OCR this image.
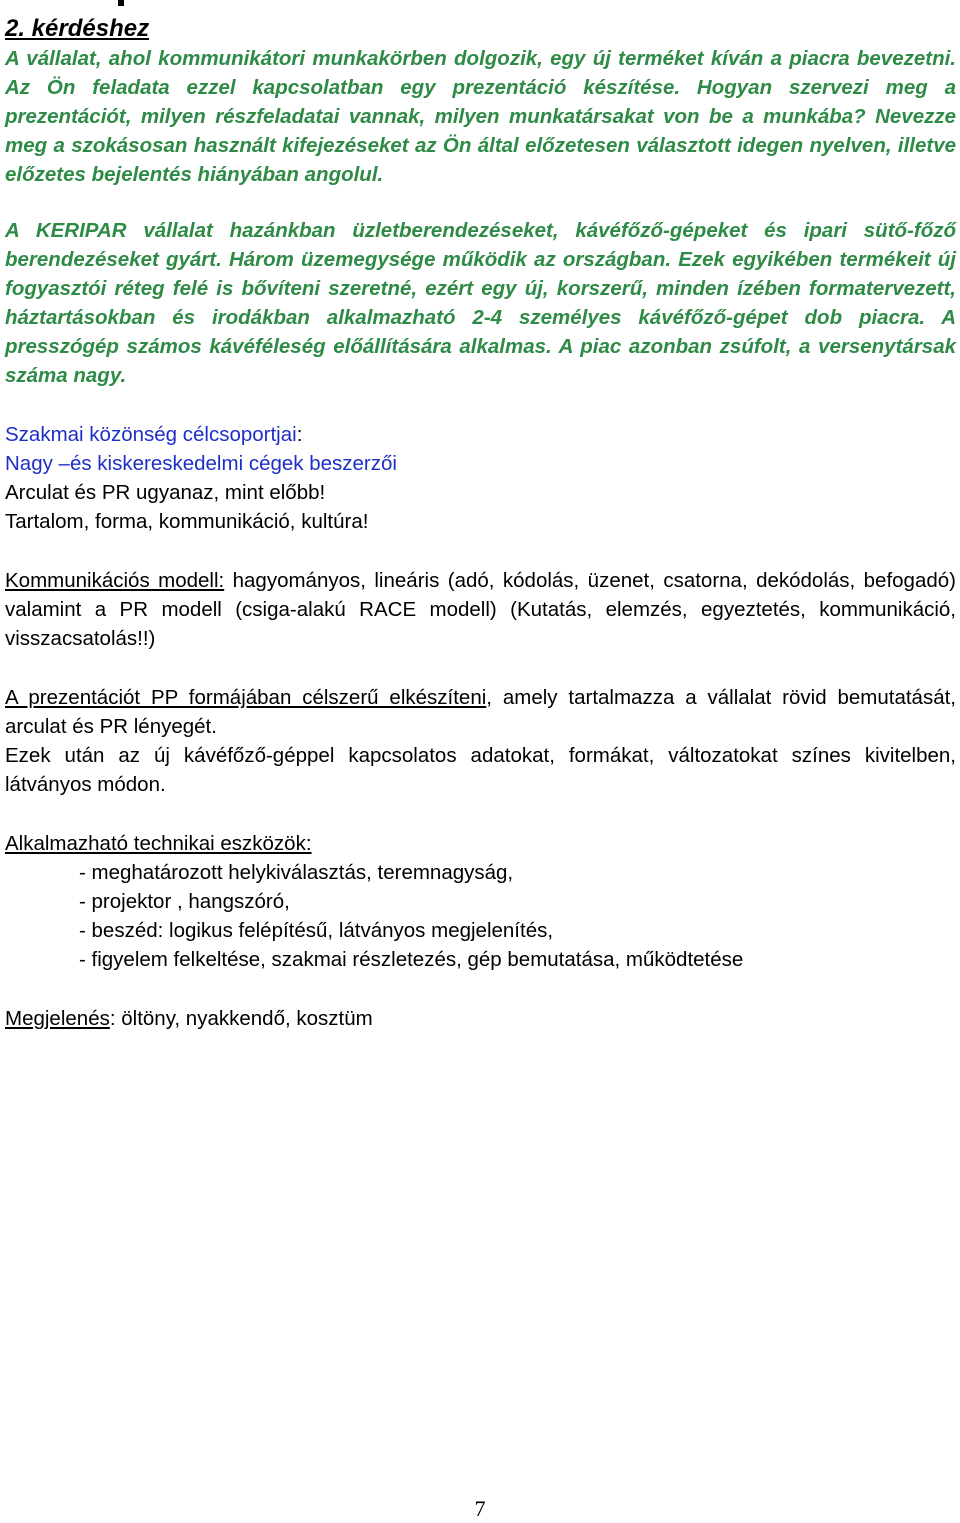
2. kérdéshez

A vállalat, ahol kommunikátori munkakörben dolgozik, egy új terméket kíván a piacra bevezetni. Az Ön feladata ezzel kapcsolatban egy prezentáció készítése. Hogyan szervezi meg a prezentációt, milyen részfeladatai vannak, milyen munkatársakat von be a munkába? Nevezze meg a szokásosan használt kifejezéseket az Ön által előzetesen választott idegen nyelven, illetve előzetes bejelentés hiányában angolul.

A KERIPAR vállalat hazánkban üzletberendezéseket, kávéfőző-gépeket és ipari sütő-főző berendezéseket gyárt. Három üzemegysége működik az országban. Ezek egyikében termékeit új fogyasztói réteg felé is bővíteni szeretné, ezért egy új, korszerű, minden ízében formatervezett, háztartásokban és irodákban alkalmazható 2-4 személyes kávéfőző-gépet dob piacra. A presszógép számos kávéféleség előállítására alkalmas. A piac azonban zsúfolt, a versenytársak száma nagy.

Szakmai közönség célcsoportjai:

Nagy –és kiskereskedelmi cégek beszerzői

Arculat és PR ugyanaz, mint előbb!

Tartalom, forma, kommunikáció, kultúra!

Kommunikációs modell: hagyományos, lineáris (adó, kódolás, üzenet, csatorna, dekódolás, befogadó) valamint a PR modell (csiga-alakú RACE modell) (Kutatás, elemzés, egyeztetés, kommunikáció, visszacsatolás!!)

A prezentációt PP formájában célszerű elkészíteni, amely tartalmazza a vállalat rövid bemutatását, arculat és PR lényegét.

Ezek után az új kávéfőző-géppel kapcsolatos adatokat, formákat, változatokat színes kivitelben, látványos módon.

Alkalmazható technikai eszközök:

- meghatározott helykiválasztás, teremnagyság,
- projektor , hangszóró,
- beszéd: logikus felépítésű, látványos megjelenítés,
- figyelem felkeltése, szakmai részletezés, gép bemutatása, működtetése

Megjelenés: öltöny, nyakkendő, kosztüm

7
